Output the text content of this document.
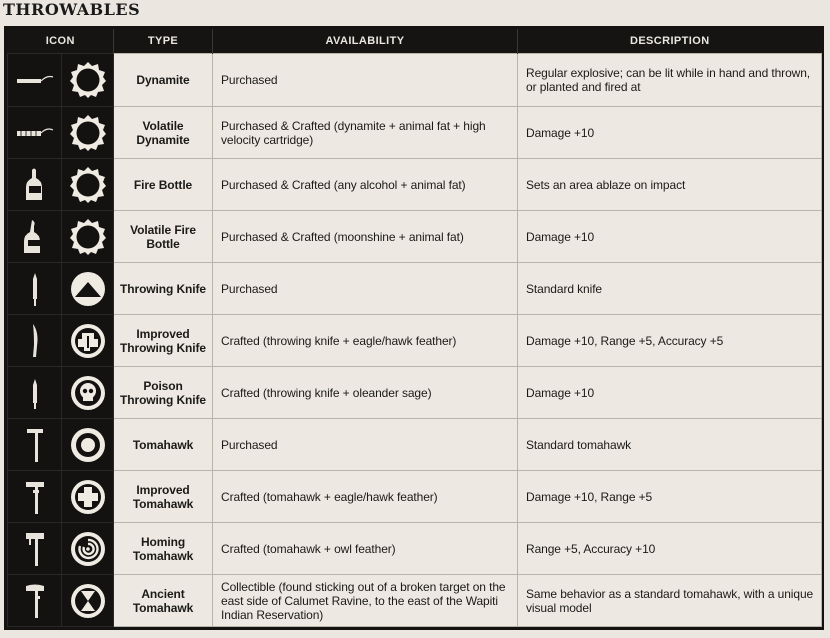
THROWABLES
ICON		TYPE	AVAILABILITY	DESCRIPTION

	Dynamite	Purchased	Regular explosive; can be lit while in hand and thrown, or planted and fired at

	Volatile Dynamite	Purchased & Crafted (dynamite + animal fat + high velocity cartridge)	Damage +10

	Fire Bottle	Purchased & Crafted (any alcohol + animal fat)	Sets an area ablaze on impact

	Volatile Fire Bottle	Purchased & Crafted (moonshine + animal fat)	Damage +10

	Throwing Knife	Purchased	Standard knife

	Improved Throwing Knife	Crafted (throwing knife + eagle/hawk feather)	Damage +10, Range +5, Accuracy +5

	Poison Throwing Knife	Crafted (throwing knife + oleander sage)	Damage +10

	Tomahawk	Purchased	Standard tomahawk

	Improved Tomahawk	Crafted (tomahawk + eagle/hawk feather)	Damage +10, Range +5

	Homing Tomahawk	Crafted (tomahawk + owl feather)	Range +5, Accuracy +10

	Ancient Tomahawk	Collectible (found sticking out of a broken target on the east side of Calumet Ravine, to the east of the Wapiti Indian Reservation)	Same behavior as a standard tomahawk, with a unique visual model
